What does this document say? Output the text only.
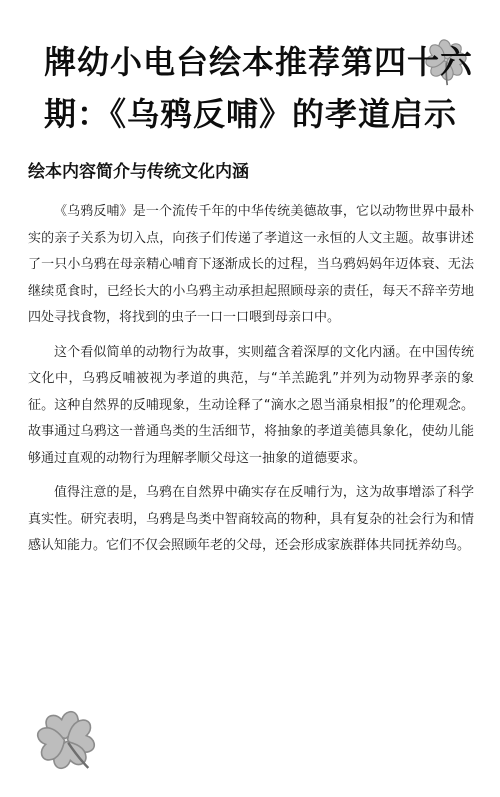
牌幼小电台绘本推荐第四十六
期：《乌鸦反哺》的孝道启示
绘本内容简介与传统文化内涵

《乌鸦反哺》是一个流传千年的中华传统美德故事，它以动物世界中最朴实的亲子关系为切入点，向孩子们传递了孝道这一永恒的人文主题。故事讲述了一只小乌鸦在母亲精心哺育下逐渐成长的过程，当乌鸦妈妈年迈体衰、无法继续觅食时，已经长大的小乌鸦主动承担起照顾母亲的责任，每天不辞辛劳地四处寻找食物，将找到的虫子一口一口喂到母亲口中。

这个看似简单的动物行为故事，实则蕴含着深厚的文化内涵。在中国传统文化中，乌鸦反哺被视为孝道的典范，与“羊羔跪乳”并列为动物界孝亲的象征。这种自然界的反哺现象，生动诠释了“滴水之恩当涌泉相报”的伦理观念。故事通过乌鸦这一普通鸟类的生活细节，将抽象的孝道美德具象化，使幼儿能够通过直观的动物行为理解孝顺父母这一抽象的道德要求。

值得注意的是，乌鸦在自然界中确实存在反哺行为，这为故事增添了科学真实性。研究表明，乌鸦是鸟类中智商较高的物种，具有复杂的社会行为和情感认知能力。它们不仅会照顾年老的父母，还会形成家族群体共同抚养幼鸟。
